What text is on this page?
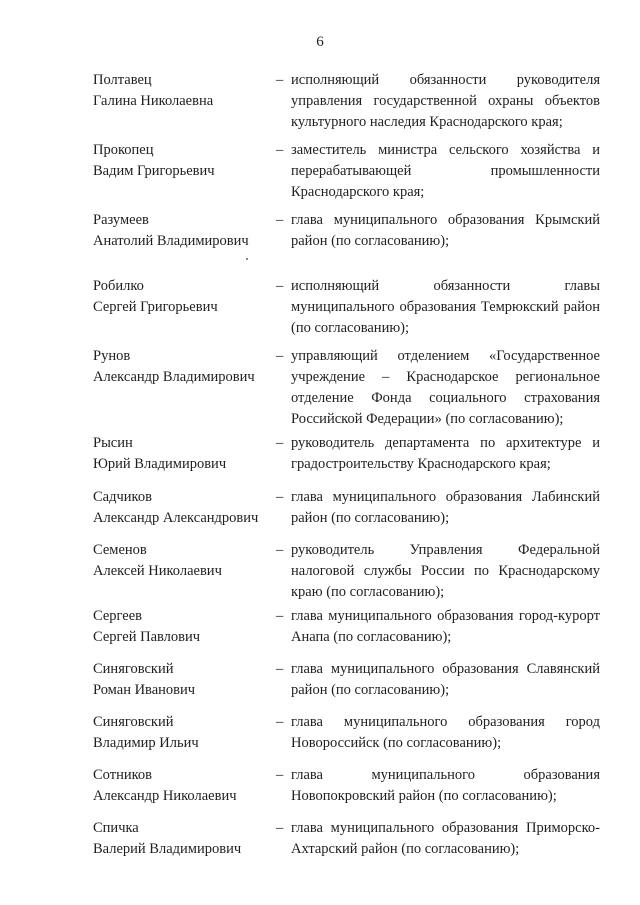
6
Полтавец
Галина Николаевна
– исполняющий обязанности руководителя управления государственной охраны объектов культурного наследия Краснодарского края;
Прокопец
Вадим Григорьевич
– заместитель министра сельского хозяйства и перерабатывающей промышленности Краснодарского края;
Разумеев
Анатолий Владимирович
– глава муниципального образования Крымский район (по согласованию);
Робилко
Сергей Григорьевич
– исполняющий обязанности главы муниципального образования Темрюкский район (по согласованию);
Рунов
Александр Владимирович
– управляющий отделением «Государственное учреждение – Краснодарское региональное отделение Фонда социального страхования Российской Федерации» (по согласованию);
Рысин
Юрий Владимирович
– руководитель департамента по архитектуре и градостроительству Краснодарского края;
Садчиков
Александр Александрович
– глава муниципального образования Лабинский район (по согласованию);
Семенов
Алексей Николаевич
– руководитель Управления Федеральной налоговой службы России по Краснодарскому краю (по согласованию);
Сергеев
Сергей Павлович
– глава муниципального образования город-курорт Анапа (по согласованию);
Синяговский
Роман Иванович
– глава муниципального образования Славянский район (по согласованию);
Синяговский
Владимир Ильич
– глава муниципального образования город Новороссийск (по согласованию);
Сотников
Александр Николаевич
– глава муниципального образования Новопокровский район (по согласованию);
Спичка
Валерий Владимирович
– глава муниципального образования Приморско-Ахтарский район (по согласованию);
